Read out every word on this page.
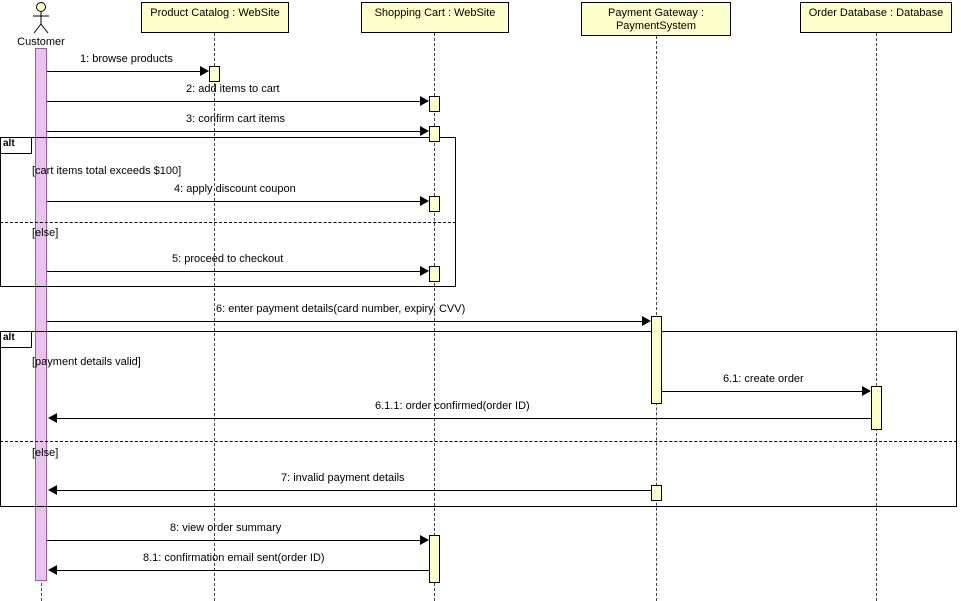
Customer
Product Catalog : WebSite	Shopping Cart : WebSite	Payment Gateway :
PaymentSystem
Order Database : Database
alt
[cart items total exceeds $100]
[else]
alt
[payment details valid]
[else]
1: browse products
2: add items to cart
3: confirm cart items
4: apply discount coupon
5: proceed to checkout
6: enter payment details(card number, expiry, CVV)
6.1: create order
6.1.1: order confirmed(order ID)
7: invalid payment details
8: view order summary
8.1: confirmation email sent(order ID)
